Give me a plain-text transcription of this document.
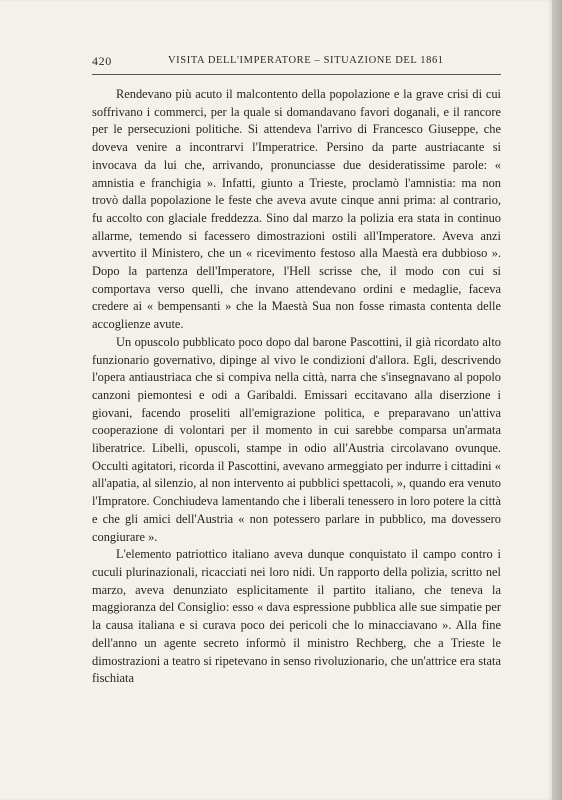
420	VISITA DELL'IMPERATORE – SITUAZIONE DEL 1861

Rendevano più acuto il malcontento della popolazione e la grave crisi di cui soffrivano i commerci, per la quale si domandavano favori doganali, e il rancore per le persecuzioni politiche. Si attendeva l'arrivo di Francesco Giuseppe, che doveva venire a incontrarvi l'Imperatrice. Persino da parte austriacante si invocava da lui che, arrivando, pronunciasse due desideratissime parole: « amnistia e franchigia ». Infatti, giunto a Trieste, proclamò l'amnistia: ma non trovò dalla popolazione le feste che aveva avute cinque anni prima: al contrario, fu accolto con glaciale freddezza. Sino dal marzo la polizia era stata in continuo allarme, temendo si facessero dimostrazioni ostili all'Imperatore. Aveva anzi avvertito il Ministero, che un « ricevimento festoso alla Maestà era dubbioso ». Dopo la partenza dell'Imperatore, l'Hell scrisse che, il modo con cui si comportava verso quelli, che invano attendevano ordini e medaglie, faceva credere ai « bempensanti » che la Maestà Sua non fosse rimasta contenta delle accoglienze avute.

Un opuscolo pubblicato poco dopo dal barone Pascottini, il già ricordato alto funzionario governativo, dipinge al vivo le condizioni d'allora. Egli, descrivendo l'opera antiaustriaca che si compiva nella città, narra che s'insegnavano al popolo canzoni piemontesi e odi a Garibaldi. Emissari eccitavano alla diserzione i giovani, facendo proseliti all'emigrazione politica, e preparavano un'attiva cooperazione di volontari per il momento in cui sarebbe comparsa un'armata liberatrice. Libelli, opuscoli, stampe in odio all'Austria circolavano ovunque. Occulti agitatori, ricorda il Pascottini, avevano armeggiato per indurre i cittadini « all'apatia, al silenzio, al non intervento ai pubblici spettacoli, », quando era venuto l'Impratore. Conchiudeva lamentando che i liberali tenessero in loro potere la città e che gli amici dell'Austria « non potessero parlare in pubblico, ma dovessero congiurare ».

L'elemento patriottico italiano aveva dunque conquistato il campo contro i cuculi plurinazionali, ricacciati nei loro nidi. Un rapporto della polizia, scritto nel marzo, aveva denunziato esplicitamente il partito italiano, che teneva la maggioranza del Consiglio: esso « dava espressione pubblica alle sue simpatie per la causa italiana e si curava poco dei pericoli che lo minacciavano ». Alla fine dell'anno un agente secreto informò il ministro Rechberg, che a Trieste le dimostrazioni a teatro si ripetevano in senso rivoluzionario, che un'attrice era stata fischiata
